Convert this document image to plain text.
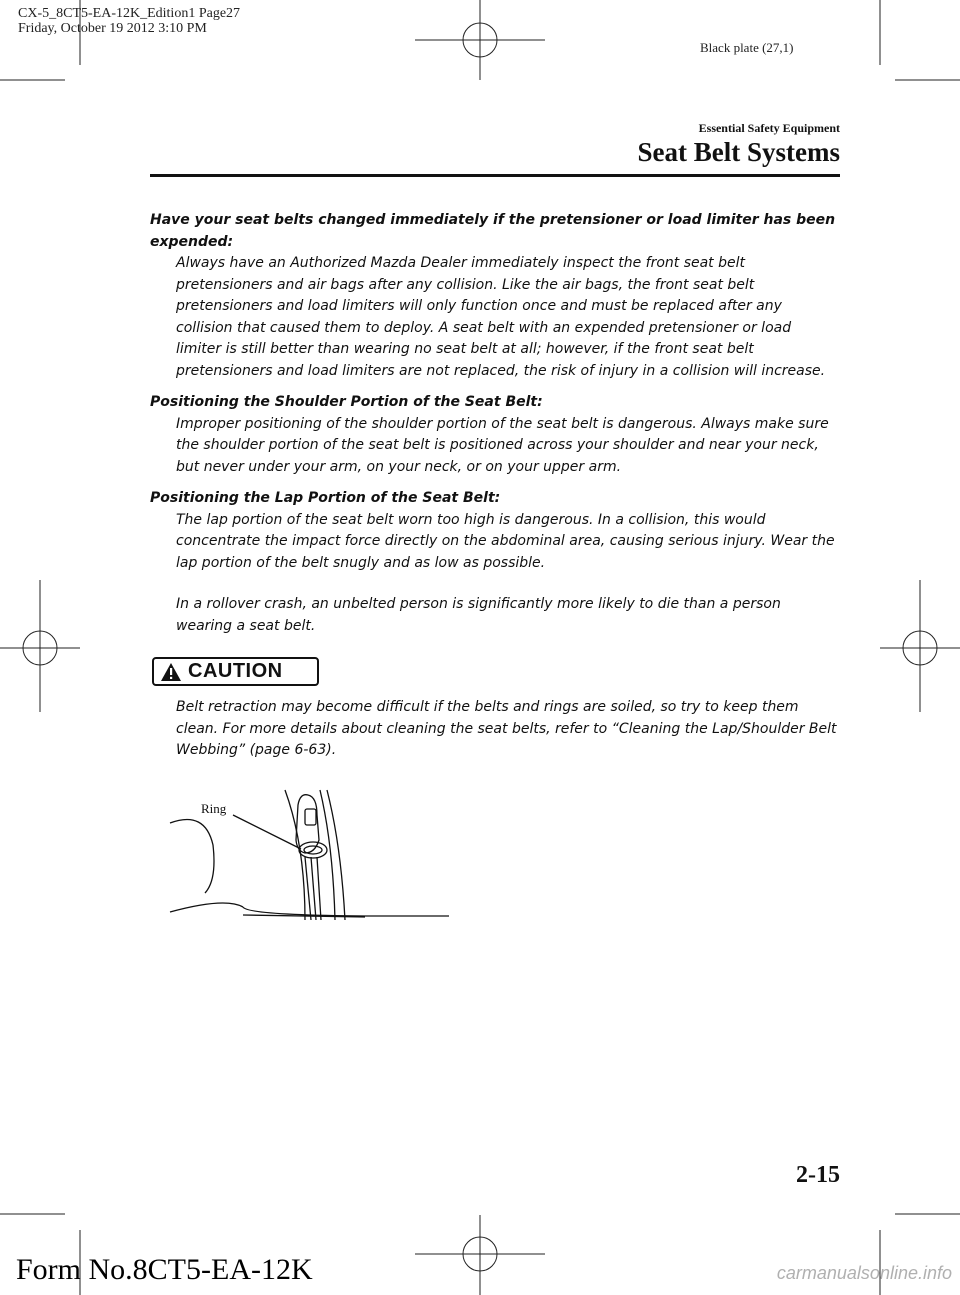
CX-5_8CT5-EA-12K_Edition1 Page27
Friday, October 19 2012 3:10 PM
Black plate (27,1)
Essential Safety Equipment
Seat Belt Systems

Have your seat belts changed immediately if the pretensioner or load limiter has been expended:

Always have an Authorized Mazda Dealer immediately inspect the front seat belt pretensioners and air bags after any collision. Like the air bags, the front seat belt pretensioners and load limiters will only function once and must be replaced after any collision that caused them to deploy. A seat belt with an expended pretensioner or load limiter is still better than wearing no seat belt at all; however, if the front seat belt pretensioners and load limiters are not replaced, the risk of injury in a collision will increase.

Positioning the Shoulder Portion of the Seat Belt:

Improper positioning of the shoulder portion of the seat belt is dangerous. Always make sure the shoulder portion of the seat belt is positioned across your shoulder and near your neck, but never under your arm, on your neck, or on your upper arm.

Positioning the Lap Portion of the Seat Belt:

The lap portion of the seat belt worn too high is dangerous. In a collision, this would concentrate the impact force directly on the abdominal area, causing serious injury. Wear the lap portion of the belt snugly and as low as possible.

In a rollover crash, an unbelted person is significantly more likely to die than a person wearing a seat belt.

CAUTION

Belt retraction may become difficult if the belts and rings are soiled, so try to keep them clean. For more details about cleaning the seat belts, refer to “Cleaning the Lap/Shoulder Belt Webbing” (page 6-63).

Ring
2-15
Form No.8CT5-EA-12K	carmanualsonline.info
